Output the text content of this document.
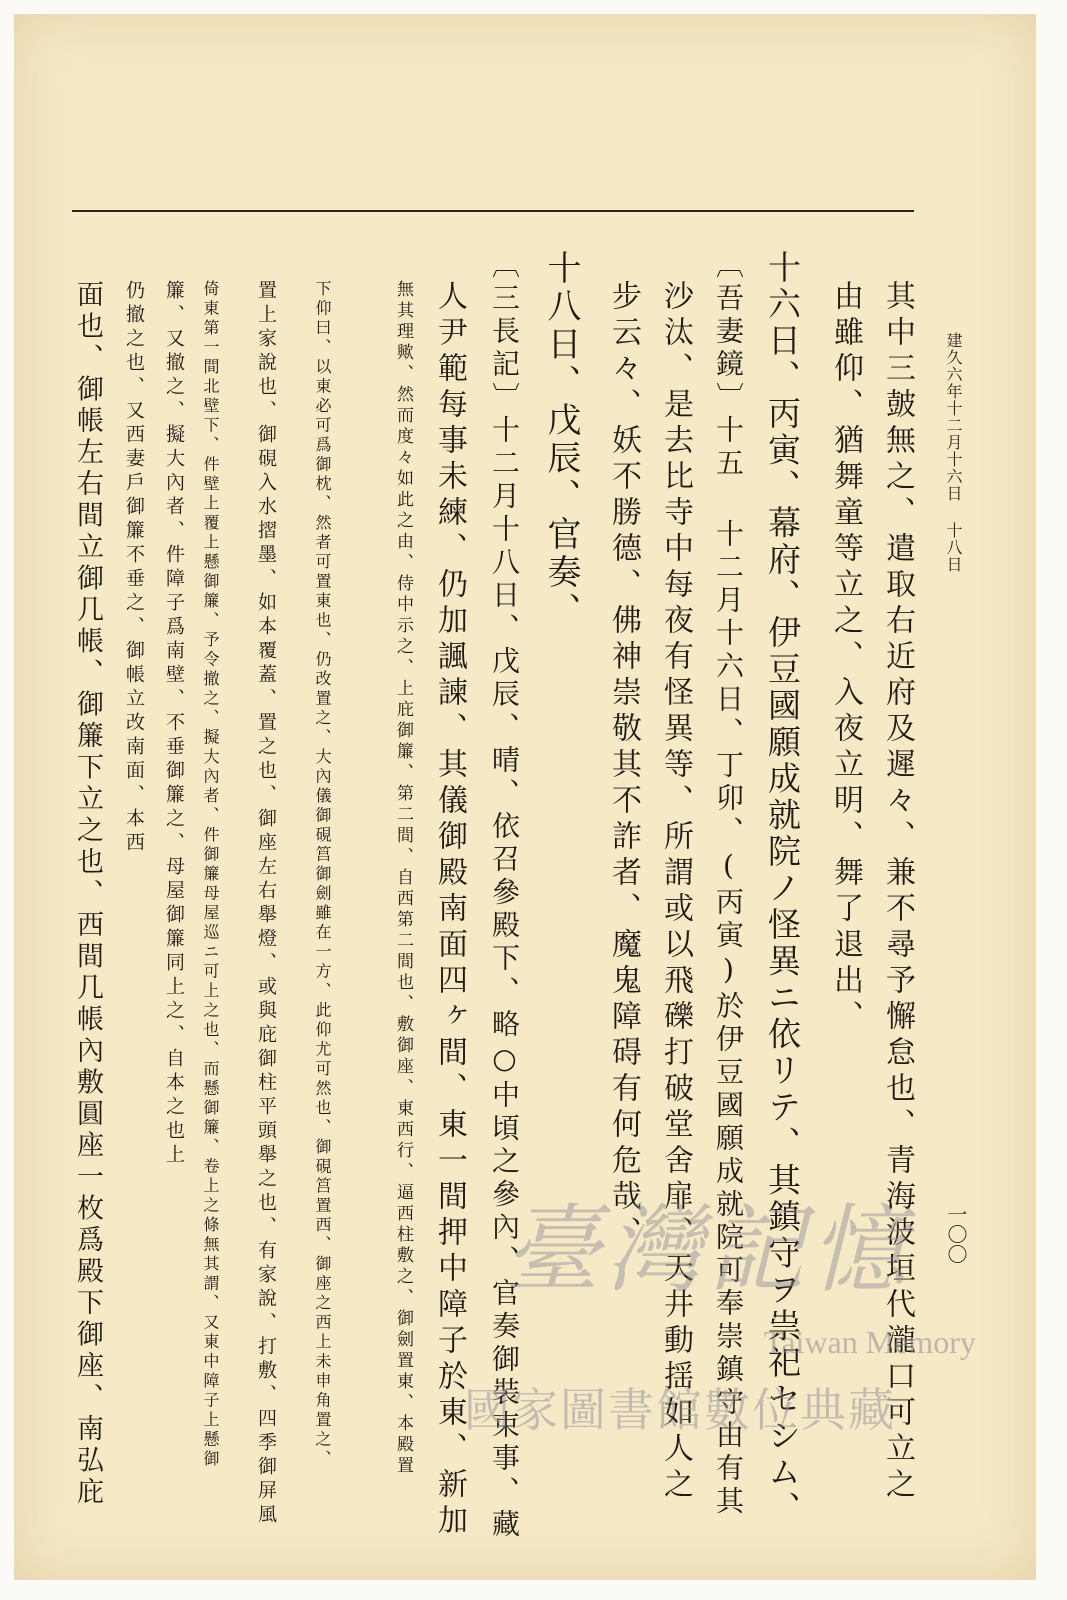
建久六年十二月十六日 十八日
一〇〇
其中三皷無之、遣取右近府及遲々、兼不尋予懈怠也、青海波垣代瀧口可立之
由雖仰、猶舞童等立之、入夜立明、舞了退出、
十六日、丙寅、幕府、伊豆國願成就院ノ怪異ニ依リテ、其鎮守ヲ祟祀セシム、
〔吾妻鏡〕十五 十二月十六日、丁卯、(丙寅)於伊豆國願成就院可奉崇鎮守由有其
沙汰、是去比寺中每夜有怪異等、所謂或以飛礫打破堂舍扉、天井動揺如人之
步云々、妖不勝德、佛神崇敬其不詐者、魔鬼障碍有何危哉、
十八日、戊辰、官奏、
〔三長記〕十二月十八日、戊辰、晴、依召參殿下、略○中頃之參內、官奏御裝束事、藏
人尹範每事未練、仍加諷諫、其儀御殿南面四ヶ間、東一間押中障子於東、新加
無其理歟、然而度々如此之由、侍中示之、上庇御簾、第二間、自西第二間也、敷御座、東西行、逼西柱敷之、御劍置東、本殿置
下仰曰、以東必可爲御枕、然者可置東也、仍改置之、大內儀御硯筥御劍雖在一方、此仰尤可然也、御硯筥置西、御座之西上未申角置之、
置上家說也、御硯入水摺墨、如本覆蓋、置之也、御座左右舉燈、或與庇御柱平頭舉之也、有家說、打敷、四季御屏風
倚東第一間北壁下、件壁上覆上懸御簾、予令撤之、擬大內者、件御簾母屋巡ニ可上之也、而懸御簾、卷上之條無其謂、又東中障子上懸御
簾、又撤之、擬大內者、件障子爲南壁、不垂御簾之、母屋御簾同上之、自本之也上
仍撤之也、又西妻戶御簾不垂之、御帳立改南面、本西
面也、御帳左右間立御几帳、御簾下立之也、西間几帳內敷圓座一枚爲殿下御座、南弘庇	臺灣記憶
Taiwan Memory
國家圖書館數位典藏
